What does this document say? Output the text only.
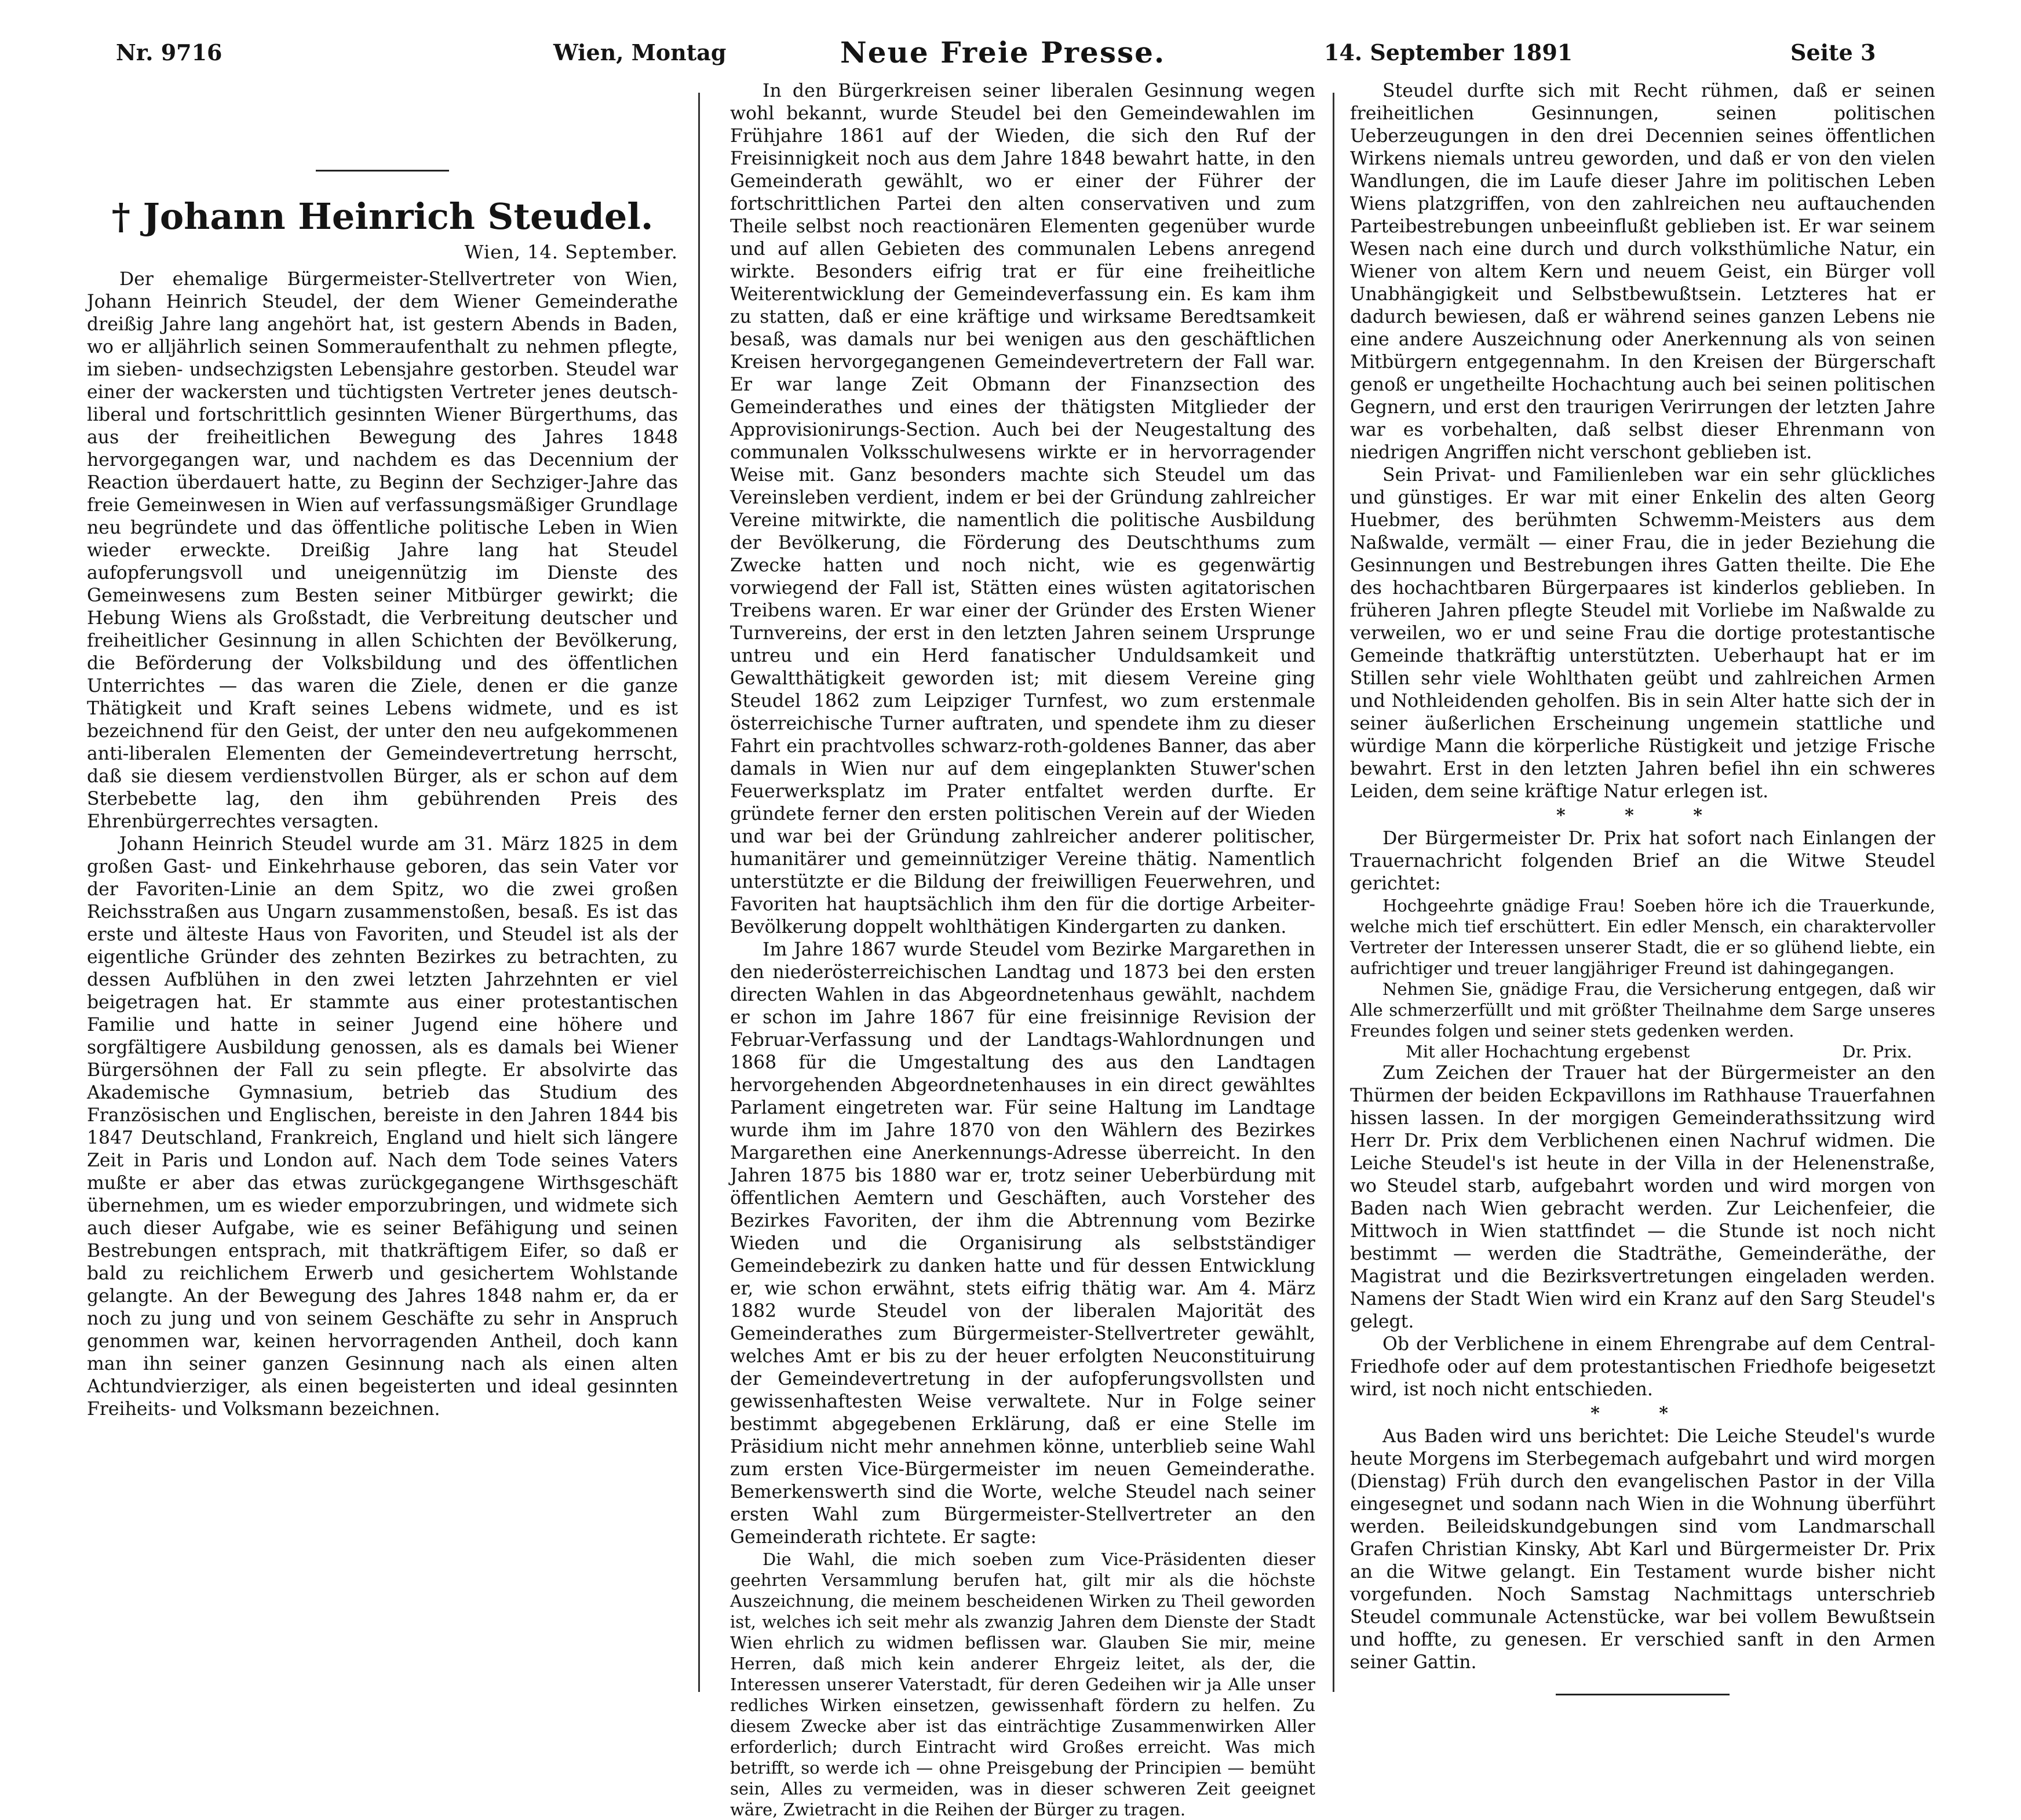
Nr. 9716	Wien, Montag	Neue Freie Presse.	14. September 1891	Seite 3
† Johann Heinrich Steudel.
Wien, 14. September.

Der ehemalige Bürgermeister-Stellvertreter von Wien, Johann Heinrich Steudel, der dem Wiener Gemeinderathe dreißig Jahre lang angehört hat, ist gestern Abends in Baden, wo er alljährlich seinen Sommeraufenthalt zu nehmen pflegte, im sieben- undsechzigsten Lebensjahre gestorben. Steudel war einer der wackersten und tüchtigsten Vertreter jenes deutsch-liberal und fortschrittlich gesinnten Wiener Bürgerthums, das aus der freiheitlichen Bewegung des Jahres 1848 hervorgegangen war, und nachdem es das Decennium der Reaction überdauert hatte, zu Beginn der Sechziger-Jahre das freie Gemeinwesen in Wien auf verfassungsmäßiger Grundlage neu begründete und das öffentliche politische Leben in Wien wieder erweckte. Dreißig Jahre lang hat Steudel aufopferungsvoll und uneigennützig im Dienste des Gemeinwesens zum Besten seiner Mitbürger gewirkt; die Hebung Wiens als Großstadt, die Verbreitung deutscher und freiheitlicher Gesinnung in allen Schichten der Bevölkerung, die Beförderung der Volksbildung und des öffentlichen Unterrichtes — das waren die Ziele, denen er die ganze Thätigkeit und Kraft seines Lebens widmete, und es ist bezeichnend für den Geist, der unter den neu aufgekommenen anti-liberalen Elementen der Gemeindevertretung herrscht, daß sie diesem verdienstvollen Bürger, als er schon auf dem Sterbebette lag, den ihm gebührenden Preis des Ehrenbürgerrechtes versagten.

Johann Heinrich Steudel wurde am 31. März 1825 in dem großen Gast- und Einkehrhause geboren, das sein Vater vor der Favoriten-Linie an dem Spitz, wo die zwei großen Reichsstraßen aus Ungarn zusammenstoßen, besaß. Es ist das erste und älteste Haus von Favoriten, und Steudel ist als der eigentliche Gründer des zehnten Bezirkes zu betrachten, zu dessen Aufblühen in den zwei letzten Jahrzehnten er viel beigetragen hat. Er stammte aus einer protestantischen Familie und hatte in seiner Jugend eine höhere und sorgfältigere Ausbildung genossen, als es damals bei Wiener Bürgersöhnen der Fall zu sein pflegte. Er absolvirte das Akademische Gymnasium, betrieb das Studium des Französischen und Englischen, bereiste in den Jahren 1844 bis 1847 Deutschland, Frankreich, England und hielt sich längere Zeit in Paris und London auf. Nach dem Tode seines Vaters mußte er aber das etwas zurückgegangene Wirthsgeschäft übernehmen, um es wieder emporzubringen, und widmete sich auch dieser Aufgabe, wie es seiner Befähigung und seinen Bestrebungen entsprach, mit thatkräftigem Eifer, so daß er bald zu reichlichem Erwerb und gesichertem Wohlstande gelangte. An der Bewegung des Jahres 1848 nahm er, da er noch zu jung und von seinem Geschäfte zu sehr in Anspruch genommen war, keinen hervorragenden Antheil, doch kann man ihn seiner ganzen Gesinnung nach als einen alten Achtundvierziger, als einen begeisterten und ideal gesinnten Freiheits- und Volksmann bezeichnen.

In den Bürgerkreisen seiner liberalen Gesinnung wegen wohl bekannt, wurde Steudel bei den Gemeindewahlen im Frühjahre 1861 auf der Wieden, die sich den Ruf der Freisinnigkeit noch aus dem Jahre 1848 bewahrt hatte, in den Gemeinderath gewählt, wo er einer der Führer der fortschrittlichen Partei den alten conservativen und zum Theile selbst noch reactionären Elementen gegenüber wurde und auf allen Gebieten des communalen Lebens anregend wirkte. Besonders eifrig trat er für eine freiheitliche Weiterentwicklung der Gemeindeverfassung ein. Es kam ihm zu statten, daß er eine kräftige und wirksame Beredtsamkeit besaß, was damals nur bei wenigen aus den geschäftlichen Kreisen hervorgegangenen Gemeindevertretern der Fall war. Er war lange Zeit Obmann der Finanzsection des Gemeinderathes und eines der thätigsten Mitglieder der Approvisionirungs-Section. Auch bei der Neugestaltung des communalen Volksschulwesens wirkte er in hervorragender Weise mit. Ganz besonders machte sich Steudel um das Vereinsleben verdient, indem er bei der Gründung zahlreicher Vereine mitwirkte, die namentlich die politische Ausbildung der Bevölkerung, die Förderung des Deutschthums zum Zwecke hatten und noch nicht, wie es gegenwärtig vorwiegend der Fall ist, Stätten eines wüsten agitatorischen Treibens waren. Er war einer der Gründer des Ersten Wiener Turnvereins, der erst in den letzten Jahren seinem Ursprunge untreu und ein Herd fanatischer Unduldsamkeit und Gewaltthätigkeit geworden ist; mit diesem Vereine ging Steudel 1862 zum Leipziger Turnfest, wo zum erstenmale österreichische Turner auftraten, und spendete ihm zu dieser Fahrt ein prachtvolles schwarz-roth-goldenes Banner, das aber damals in Wien nur auf dem eingeplankten Stuwer'schen Feuerwerksplatz im Prater entfaltet werden durfte. Er gründete ferner den ersten politischen Verein auf der Wieden und war bei der Gründung zahlreicher anderer politischer, humanitärer und gemeinnütziger Vereine thätig. Namentlich unterstützte er die Bildung der freiwilligen Feuerwehren, und Favoriten hat hauptsächlich ihm den für die dortige Arbeiter-Bevölkerung doppelt wohlthätigen Kindergarten zu danken.

Im Jahre 1867 wurde Steudel vom Bezirke Margarethen in den niederösterreichischen Landtag und 1873 bei den ersten directen Wahlen in das Abgeordnetenhaus gewählt, nachdem er schon im Jahre 1867 für eine freisinnige Revision der Februar-Verfassung und der Landtags-Wahlordnungen und 1868 für die Umgestaltung des aus den Landtagen hervorgehenden Abgeordnetenhauses in ein direct gewähltes Parlament eingetreten war. Für seine Haltung im Landtage wurde ihm im Jahre 1870 von den Wählern des Bezirkes Margarethen eine Anerkennungs-Adresse überreicht. In den Jahren 1875 bis 1880 war er, trotz seiner Ueberbürdung mit öffentlichen Aemtern und Geschäften, auch Vorsteher des Bezirkes Favoriten, der ihm die Abtrennung vom Bezirke Wieden und die Organisirung als selbstständiger Gemeindebezirk zu danken hatte und für dessen Entwicklung er, wie schon erwähnt, stets eifrig thätig war. Am 4. März 1882 wurde Steudel von der liberalen Majorität des Gemeinderathes zum Bürgermeister-Stellvertreter gewählt, welches Amt er bis zu der heuer erfolgten Neuconstituirung der Gemeindevertretung in der aufopferungsvollsten und gewissenhaftesten Weise verwaltete. Nur in Folge seiner bestimmt abgegebenen Erklärung, daß er eine Stelle im Präsidium nicht mehr annehmen könne, unterblieb seine Wahl zum ersten Vice-Bürgermeister im neuen Gemeinderathe. Bemerkenswerth sind die Worte, welche Steudel nach seiner ersten Wahl zum Bürgermeister-Stellvertreter an den Gemeinderath richtete. Er sagte:

Die Wahl, die mich soeben zum Vice-Präsidenten dieser geehrten Versammlung berufen hat, gilt mir als die höchste Auszeichnung, die meinem bescheidenen Wirken zu Theil geworden ist, welches ich seit mehr als zwanzig Jahren dem Dienste der Stadt Wien ehrlich zu widmen beflissen war. Glauben Sie mir, meine Herren, daß mich kein anderer Ehrgeiz leitet, als der, die Interessen unserer Vaterstadt, für deren Gedeihen wir ja Alle unser redliches Wirken einsetzen, gewissenhaft fördern zu helfen. Zu diesem Zwecke aber ist das einträchtige Zusammenwirken Aller erforderlich; durch Eintracht wird Großes erreicht. Was mich betrifft, so werde ich — ohne Preisgebung der Principien — bemüht sein, Alles zu vermeiden, was in dieser schweren Zeit geeignet wäre, Zwietracht in die Reihen der Bürger zu tragen.

Steudel durfte sich mit Recht rühmen, daß er seinen freiheitlichen Gesinnungen, seinen politischen Ueberzeugungen in den drei Decennien seines öffentlichen Wirkens niemals untreu geworden, und daß er von den vielen Wandlungen, die im Laufe dieser Jahre im politischen Leben Wiens platzgriffen, von den zahlreichen neu auftauchenden Parteibestrebungen unbeeinflußt geblieben ist. Er war seinem Wesen nach eine durch und durch volksthümliche Natur, ein Wiener von altem Kern und neuem Geist, ein Bürger voll Unabhängigkeit und Selbstbewußtsein. Letzteres hat er dadurch bewiesen, daß er während seines ganzen Lebens nie eine andere Auszeichnung oder Anerkennung als von seinen Mitbürgern entgegennahm. In den Kreisen der Bürgerschaft genoß er ungetheilte Hochachtung auch bei seinen politischen Gegnern, und erst den traurigen Verirrungen der letzten Jahre war es vorbehalten, daß selbst dieser Ehrenmann von niedrigen Angriffen nicht verschont geblieben ist.

Sein Privat- und Familienleben war ein sehr glückliches und günstiges. Er war mit einer Enkelin des alten Georg Huebmer, des berühmten Schwemm-Meisters aus dem Naßwalde, vermält — einer Frau, die in jeder Beziehung die Gesinnungen und Bestrebungen ihres Gatten theilte. Die Ehe des hochachtbaren Bürgerpaares ist kinderlos geblieben. In früheren Jahren pflegte Steudel mit Vorliebe im Naßwalde zu verweilen, wo er und seine Frau die dortige protestantische Gemeinde thatkräftig unterstützten. Ueberhaupt hat er im Stillen sehr viele Wohlthaten geübt und zahlreichen Armen und Nothleidenden geholfen. Bis in sein Alter hatte sich der in seiner äußerlichen Erscheinung ungemein stattliche und würdige Mann die körperliche Rüstigkeit und jetzige Frische bewahrt. Erst in den letzten Jahren befiel ihn ein schweres Leiden, dem seine kräftige Natur erlegen ist.

* * *

Der Bürgermeister Dr. Prix hat sofort nach Einlangen der Trauernachricht folgenden Brief an die Witwe Steudel gerichtet:

Hochgeehrte gnädige Frau! Soeben höre ich die Trauerkunde, welche mich tief erschüttert. Ein edler Mensch, ein charaktervoller Vertreter der Interessen unserer Stadt, die er so glühend liebte, ein aufrichtiger und treuer langjähriger Freund ist dahingegangen.

Nehmen Sie, gnädige Frau, die Versicherung entgegen, daß wir Alle schmerzerfüllt und mit größter Theilnahme dem Sarge unseres Freundes folgen und seiner stets gedenken werden.

Mit aller Hochachtung ergebenst	Dr. Prix.

Zum Zeichen der Trauer hat der Bürgermeister an den Thürmen der beiden Eckpavillons im Rathhause Trauerfahnen hissen lassen. In der morgigen Gemeinderathssitzung wird Herr Dr. Prix dem Verblichenen einen Nachruf widmen. Die Leiche Steudel's ist heute in der Villa in der Helenenstraße, wo Steudel starb, aufgebahrt worden und wird morgen von Baden nach Wien gebracht werden. Zur Leichenfeier, die Mittwoch in Wien stattfindet — die Stunde ist noch nicht bestimmt — werden die Stadträthe, Gemeinderäthe, der Magistrat und die Bezirksvertretungen eingeladen werden. Namens der Stadt Wien wird ein Kranz auf den Sarg Steudel's gelegt.

Ob der Verblichene in einem Ehrengrabe auf dem Central-Friedhofe oder auf dem protestantischen Friedhofe beigesetzt wird, ist noch nicht entschieden.

* *

Aus Baden wird uns berichtet: Die Leiche Steudel's wurde heute Morgens im Sterbegemach aufgebahrt und wird morgen (Dienstag) Früh durch den evangelischen Pastor in der Villa eingesegnet und sodann nach Wien in die Wohnung überführt werden. Beileidskundgebungen sind vom Landmarschall Grafen Christian Kinsky, Abt Karl und Bürgermeister Dr. Prix an die Witwe gelangt. Ein Testament wurde bisher nicht vorgefunden. Noch Samstag Nachmittags unterschrieb Steudel communale Actenstücke, war bei vollem Bewußtsein und hoffte, zu genesen. Er verschied sanft in den Armen seiner Gattin.
